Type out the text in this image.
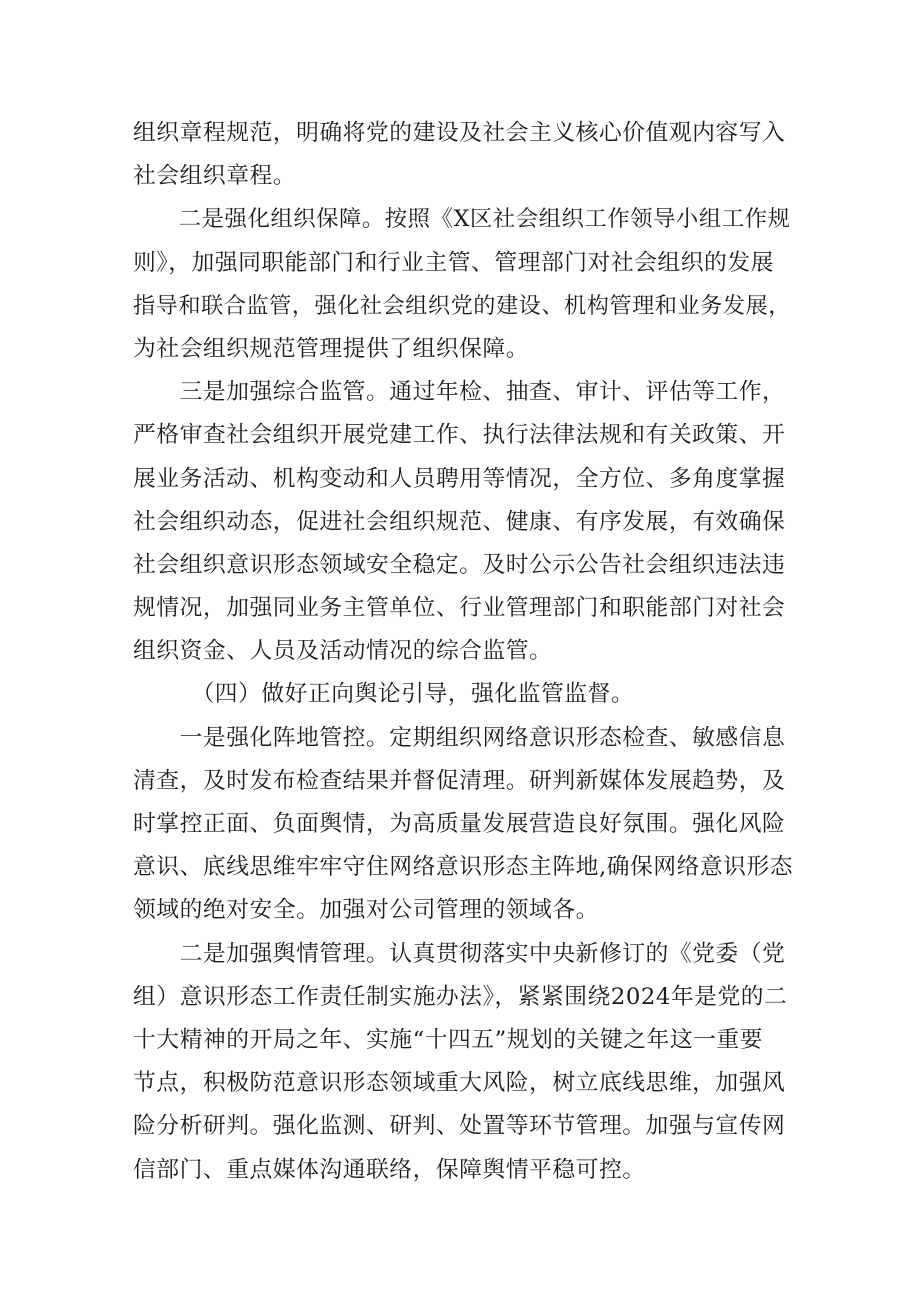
组织章程规范，明确将党的建设及社会主义核心价值观内容写入
社会组织章程。
　　二是强化组织保障。按照《X区社会组织工作领导小组工作规
则》，加强同职能部门和行业主管、管理部门对社会组织的发展
指导和联合监管，强化社会组织党的建设、机构管理和业务发展，
为社会组织规范管理提供了组织保障。
　　三是加强综合监管。通过年检、抽查、审计、评估等工作，
严格审查社会组织开展党建工作、执行法律法规和有关政策、开
展业务活动、机构变动和人员聘用等情况，全方位、多角度掌握
社会组织动态，促进社会组织规范、健康、有序发展，有效确保
社会组织意识形态领域安全稳定。及时公示公告社会组织违法违
规情况，加强同业务主管单位、行业管理部门和职能部门对社会
组织资金、人员及活动情况的综合监管。
　　　（四）做好正向舆论引导，强化监管监督。
　　一是强化阵地管控。定期组织网络意识形态检查、敏感信息
清查，及时发布检查结果并督促清理。研判新媒体发展趋势，及
时掌控正面、负面舆情，为高质量发展营造良好氛围。强化风险
意识、底线思维牢牢守住网络意识形态主阵地,确保网络意识形态
领域的绝对安全。加强对公司管理的领域各。
　　二是加强舆情管理。认真贯彻落实中央新修订的《党委（党
组）意识形态工作责任制实施办法》，紧紧围绕2024年是党的二
十大精神的开局之年、实施“十四五”规划的关键之年这一重要
节点，积极防范意识形态领域重大风险，树立底线思维，加强风
险分析研判。强化监测、研判、处置等环节管理。加强与宣传网
信部门、重点媒体沟通联络，保障舆情平稳可控。
